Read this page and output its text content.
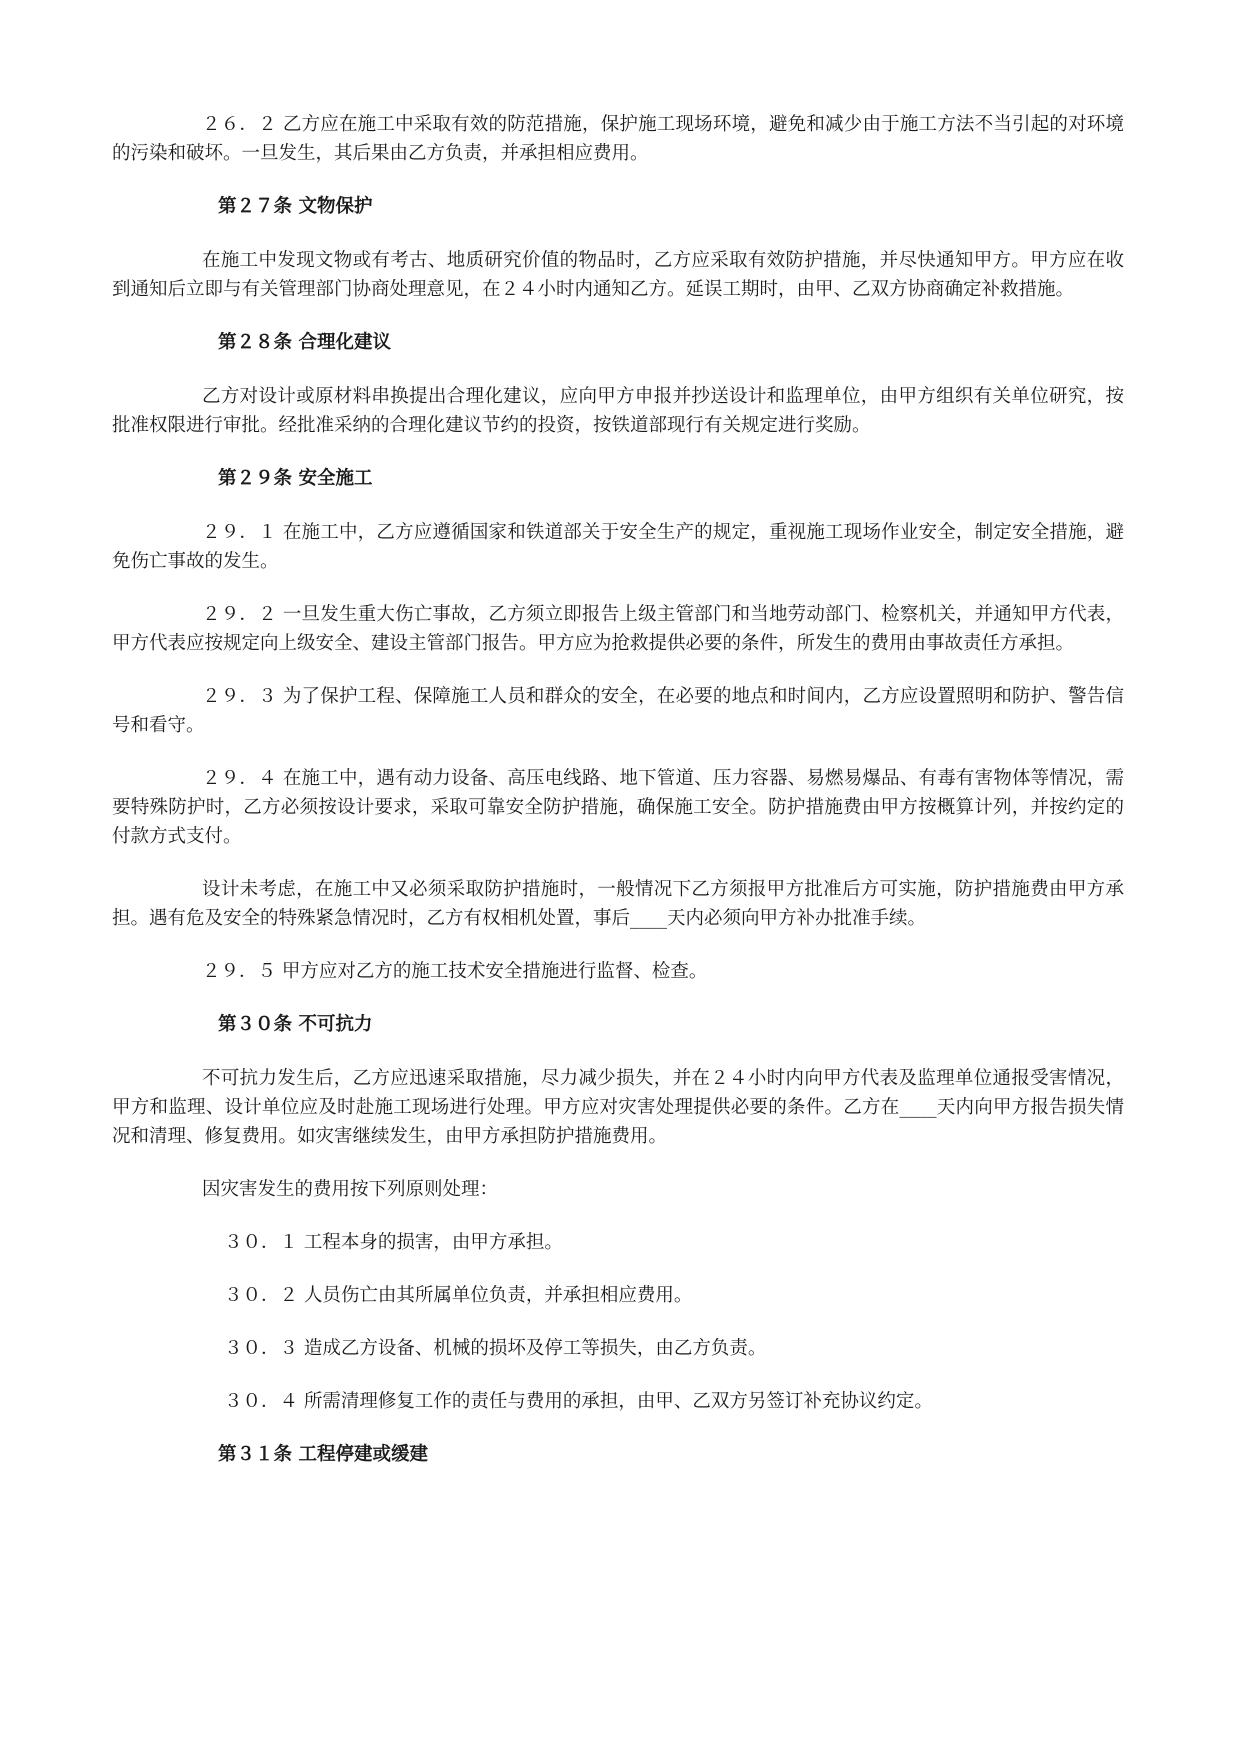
２６．２ 乙方应在施工中采取有效的防范措施，保护施工现场环境，避免和减少由于施工方法不当引起的对环境的污染和破坏。一旦发生，其后果由乙方负责，并承担相应费用。

第２７条 文物保护

在施工中发现文物或有考古、地质研究价值的物品时，乙方应采取有效防护措施，并尽快通知甲方。甲方应在收到通知后立即与有关管理部门协商处理意见，在２４小时内通知乙方。延误工期时，由甲、乙双方协商确定补救措施。

第２８条 合理化建议

乙方对设计或原材料串换提出合理化建议，应向甲方申报并抄送设计和监理单位，由甲方组织有关单位研究，按批准权限进行审批。经批准采纳的合理化建议节约的投资，按铁道部现行有关规定进行奖励。

第２９条 安全施工

２９．１ 在施工中，乙方应遵循国家和铁道部关于安全生产的规定，重视施工现场作业安全，制定安全措施，避免伤亡事故的发生。

２９．２ 一旦发生重大伤亡事故，乙方须立即报告上级主管部门和当地劳动部门、检察机关，并通知甲方代表，甲方代表应按规定向上级安全、建设主管部门报告。甲方应为抢救提供必要的条件，所发生的费用由事故责任方承担。

２９．３ 为了保护工程、保障施工人员和群众的安全，在必要的地点和时间内，乙方应设置照明和防护、警告信号和看守。

２９．４ 在施工中，遇有动力设备、高压电线路、地下管道、压力容器、易燃易爆品、有毒有害物体等情况，需要特殊防护时，乙方必须按设计要求，采取可靠安全防护措施，确保施工安全。防护措施费由甲方按概算计列，并按约定的付款方式支付。

设计未考虑，在施工中又必须采取防护措施时，一般情况下乙方须报甲方批准后方可实施，防护措施费由甲方承担。遇有危及安全的特殊紧急情况时，乙方有权相机处置，事后____天内必须向甲方补办批准手续。

２９．５ 甲方应对乙方的施工技术安全措施进行监督、检查。

第３０条 不可抗力

不可抗力发生后，乙方应迅速采取措施，尽力减少损失，并在２４小时内向甲方代表及监理单位通报受害情况，甲方和监理、设计单位应及时赴施工现场进行处理。甲方应对灾害处理提供必要的条件。乙方在____天内向甲方报告损失情况和清理、修复费用。如灾害继续发生，由甲方承担防护措施费用。

因灾害发生的费用按下列原则处理：

３０．１ 工程本身的损害，由甲方承担。

３０．２ 人员伤亡由其所属单位负责，并承担相应费用。

３０．３ 造成乙方设备、机械的损坏及停工等损失，由乙方负责。

３０．４ 所需清理修复工作的责任与费用的承担，由甲、乙双方另签订补充协议约定。

第３１条 工程停建或缓建
